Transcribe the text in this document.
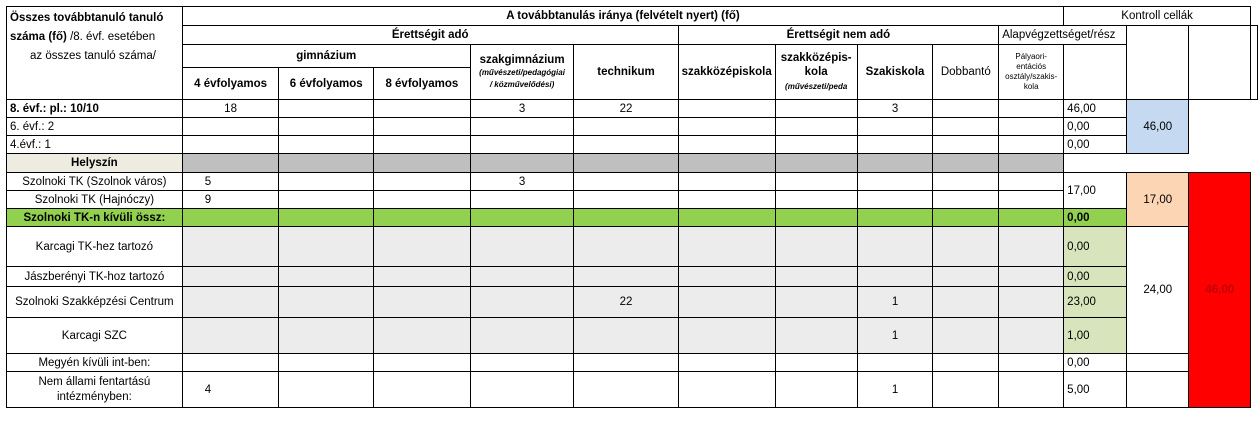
Összes továbbtanuló tanuló
száma (fő) /8. évf. esetében
az összes tanuló száma/	A továbbtanulás iránya (felvételt nyert) (fő)										Kontroll cellák			
	Érettségit adó					Érettségit nem adó				Alapvégzettséget/rész				
	gimnázium			szakgimnázium
(művészeti/pedagógiai
/ közművelődési)	technikum	szakközépiskola	szakközépis-
kola
(művészeti/peda	Szakiskola	Dobbantó	Pályaori-
entációs
osztály/szakis-
kola				
	4 évfolyamos	6 évfolyamos	8 évfolyamos											
8. évf.: pl.: 10/10	18			3	22			3			46,00	46,00		
6. évf.: 2											0,00			
4.évf.: 1											0,00			
Helyszín														
Szolnoki TK (Szolnok város)	5			3							17,00	17,00	46,00	
Szolnoki TK (Hajnóczy)	9													
Szolnoki TK-n kívüli össz:											0,00			
Karcagi TK-hez tartozó											0,00	24,00		
Jászberényi TK-hoz tartozó											0,00			
Szolnoki Szakképzési Centrum					22			1			23,00			
Karcagi SZC								1			1,00			
Megyén kívüli int-ben:											0,00			
Nem állami fentartású
intézményben:	4							1			5,00			
